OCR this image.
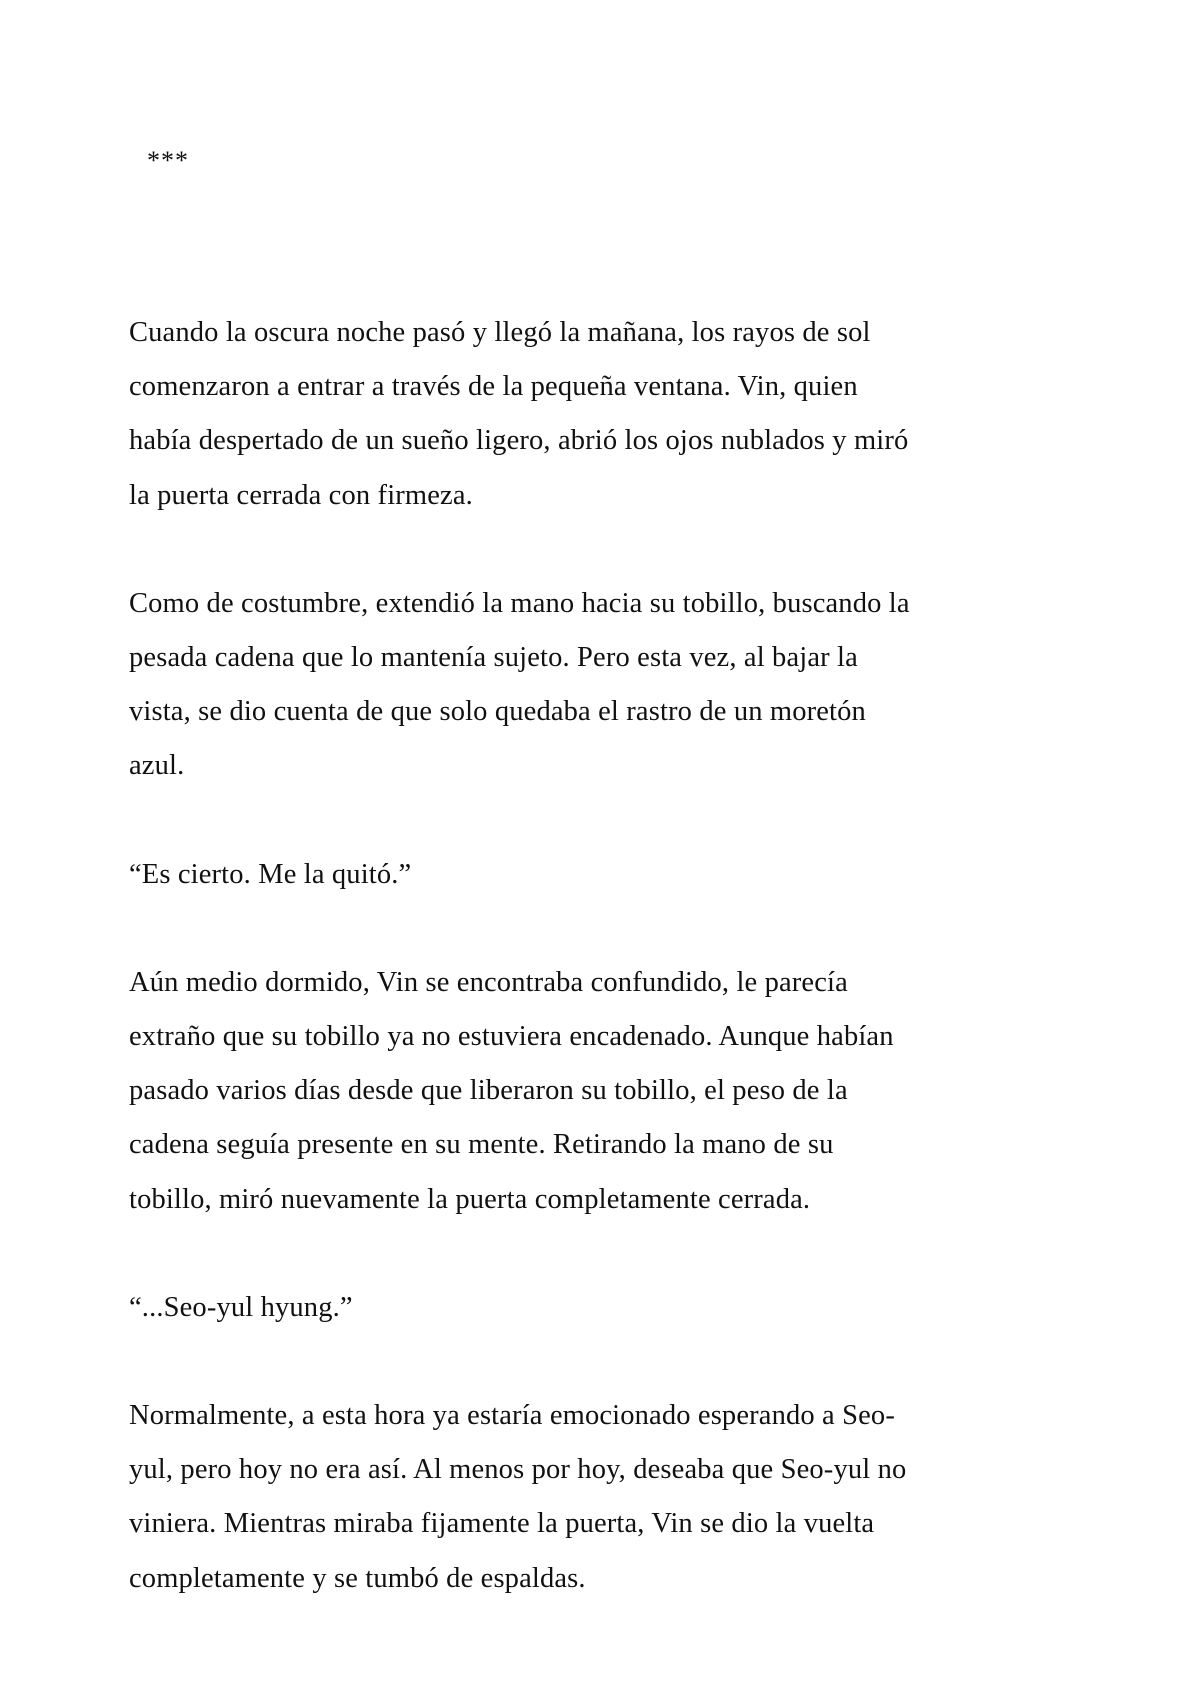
***

Cuando la oscura noche pasó y llegó la mañana, los rayos de sol
comenzaron a entrar a través de la pequeña ventana. Vin, quien
había despertado de un sueño ligero, abrió los ojos nublados y miró
la puerta cerrada con firmeza.

Como de costumbre, extendió la mano hacia su tobillo, buscando la
pesada cadena que lo mantenía sujeto. Pero esta vez, al bajar la
vista, se dio cuenta de que solo quedaba el rastro de un moretón
azul.

“Es cierto. Me la quitó.”

Aún medio dormido, Vin se encontraba confundido, le parecía
extraño que su tobillo ya no estuviera encadenado. Aunque habían
pasado varios días desde que liberaron su tobillo, el peso de la
cadena seguía presente en su mente. Retirando la mano de su
tobillo, miró nuevamente la puerta completamente cerrada.

“...Seo-yul hyung.”

Normalmente, a esta hora ya estaría emocionado esperando a Seo-
yul, pero hoy no era así. Al menos por hoy, deseaba que Seo-yul no
viniera. Mientras miraba fijamente la puerta, Vin se dio la vuelta
completamente y se tumbó de espaldas.
